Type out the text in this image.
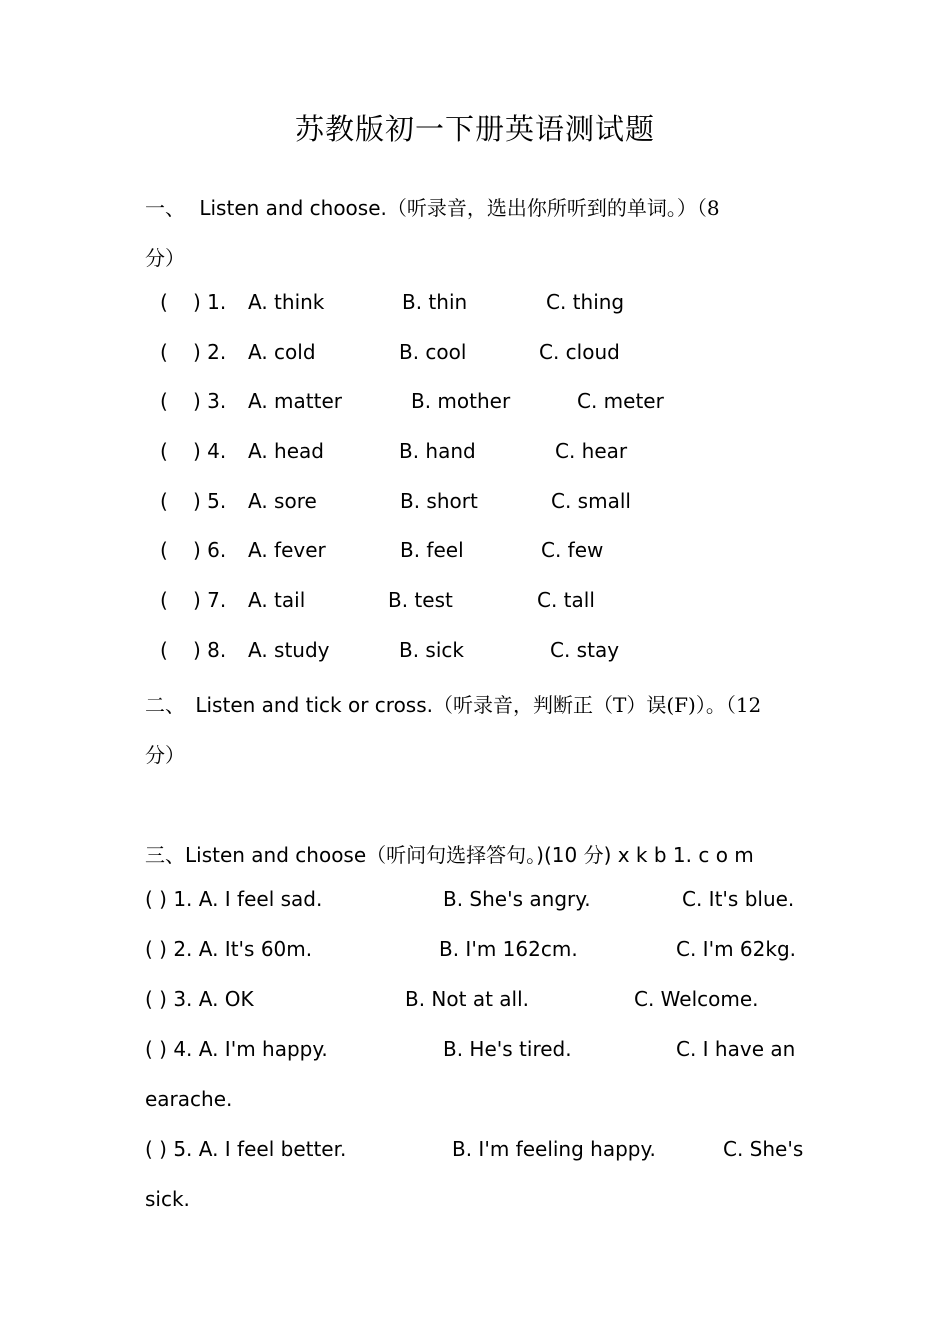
苏教版初一下册英语测试题
一、 Listen and choose.（听录音，选出你所听到的单词。）（8
分）
( ) 1. A. think	B. thin	C. thing
( ) 2. A. cold	B. cool	C. cloud
( ) 3. A. matter	B. mother	C. meter
( ) 4. A. head	B. hand	C. hear
( ) 5. A. sore	B. short	C. small
( ) 6. A. fever	B. feel	C. few
( ) 7. A. tail	B. test	C. tall
( ) 8. A. study	B. sick	C. stay
二、 Listen and tick or cross.（听录音，判断正（T）误(F)）。（12
分）
三、Listen and choose（听问句选择答句。)(10 分) x k b 1. c o m
( ) 1. A. I feel sad.	B. She's angry.	C. It's blue.
( ) 2. A. It's 60m.	B. I'm 162cm.	C. I'm 62kg.
( ) 3. A. OK	B. Not at all.	C. Welcome.
( ) 4. A. I'm happy.	B. He's tired.	C. I have an
earache.
( ) 5. A. I feel better.	B. I'm feeling happy.	C. She's
sick.
